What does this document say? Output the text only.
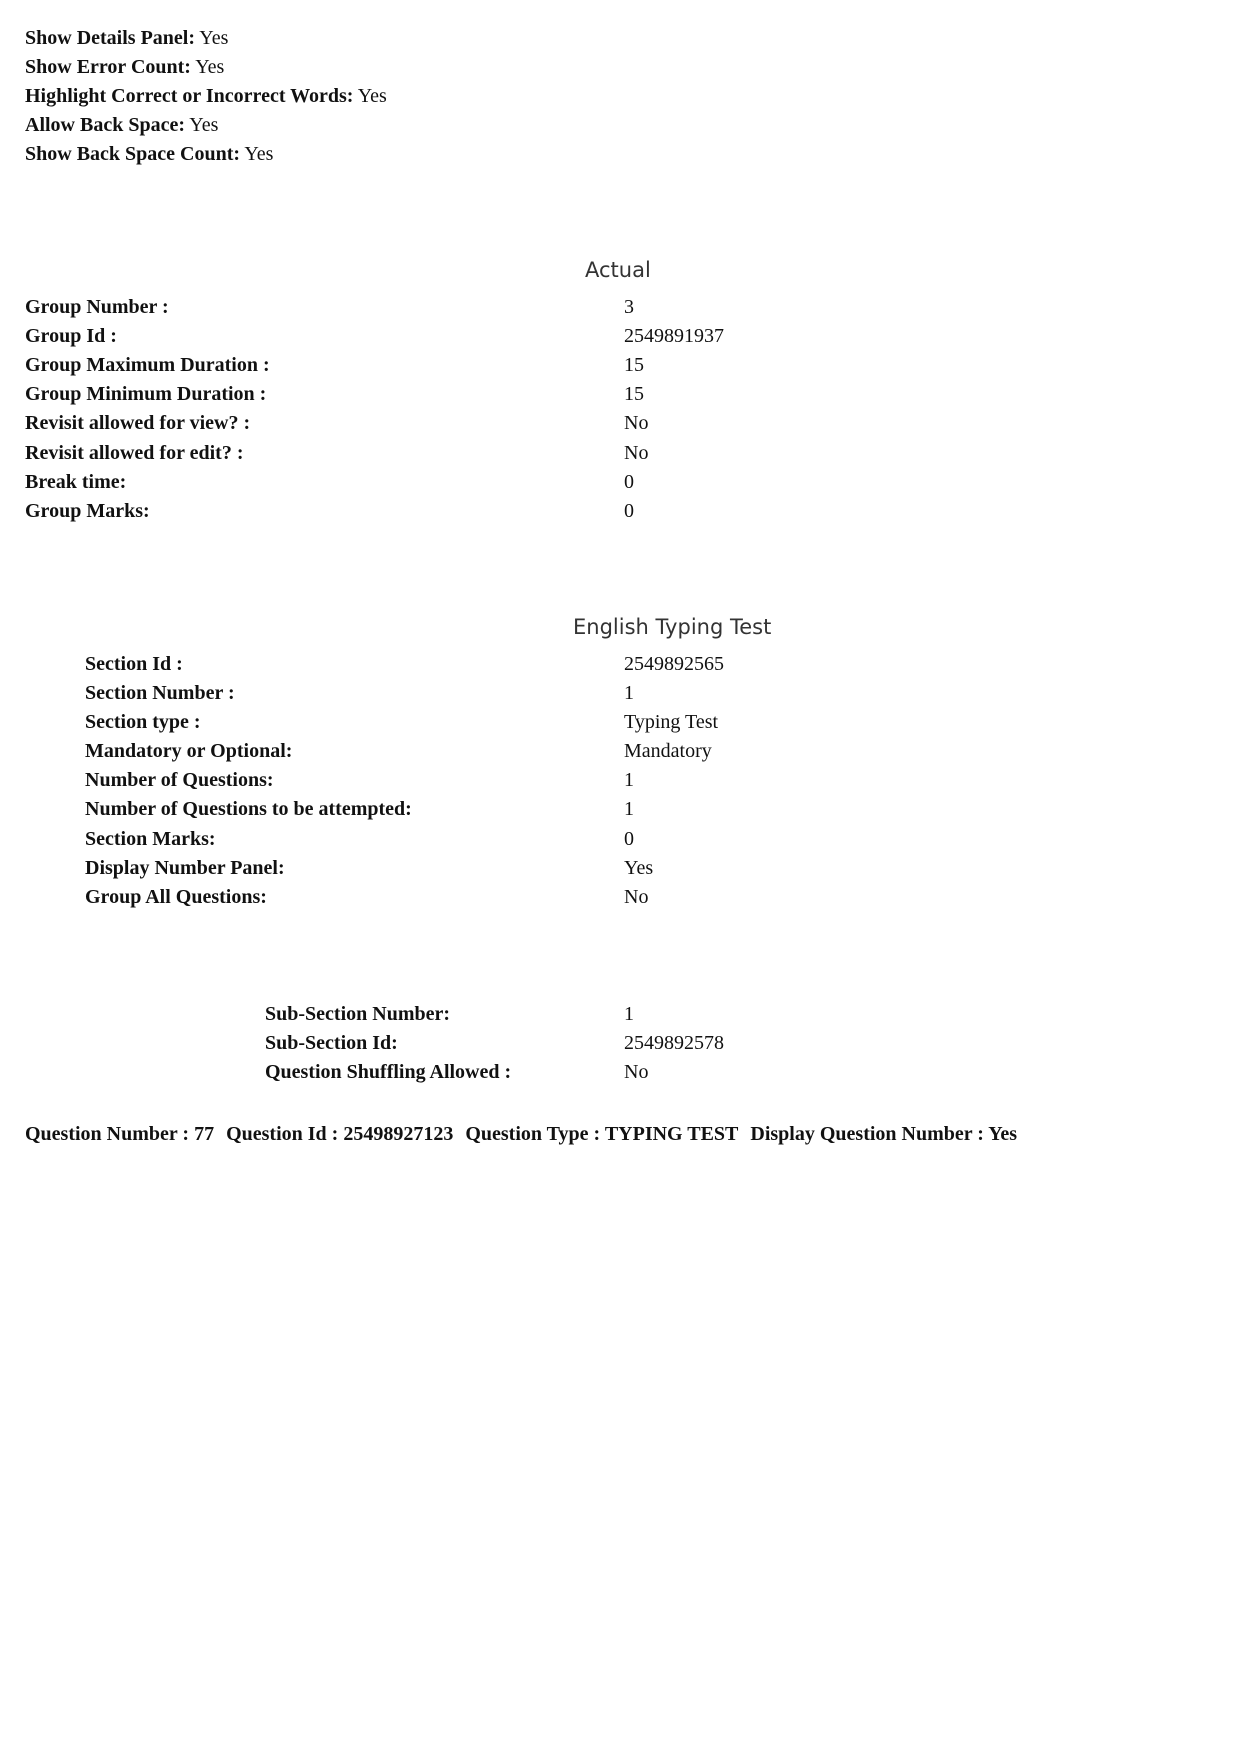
Show Details Panel: Yes
Show Error Count: Yes
Highlight Correct or Incorrect Words: Yes
Allow Back Space: Yes
Show Back Space Count: Yes
Actual
Group Number :	3
Group Id :	2549891937
Group Maximum Duration :	15
Group Minimum Duration :	15
Revisit allowed for view? :	No
Revisit allowed for edit? :	No
Break time:	0
Group Marks:	0
English Typing Test
Section Id :	2549892565
Section Number :	1
Section type :	Typing Test
Mandatory or Optional:	Mandatory
Number of Questions:	1
Number of Questions to be attempted:	1
Section Marks:	0
Display Number Panel:	Yes
Group All Questions:	No
Sub-Section Number:	1
Sub-Section Id:	2549892578
Question Shuffling Allowed :	No
Question Number : 77 Question Id : 25498927123 Question Type : TYPING TEST Display Question Number : Yes
